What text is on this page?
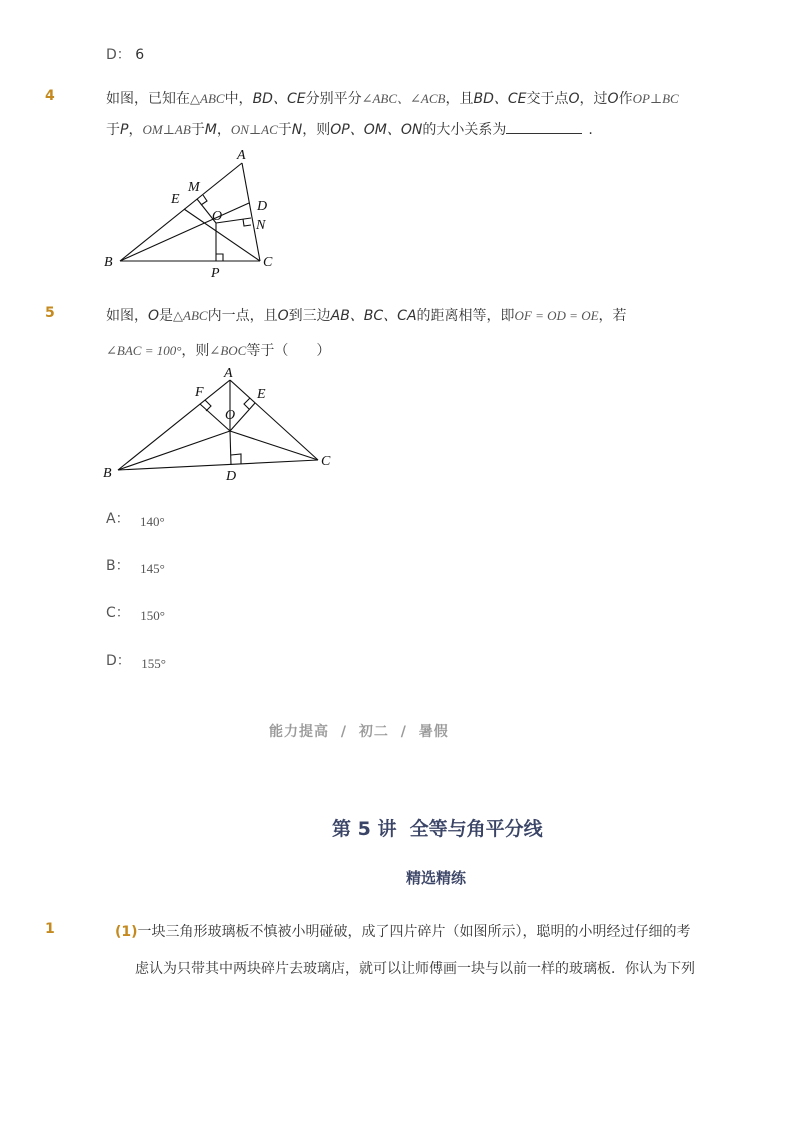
D： 6
4	如图，已知在△ABC中，BD、CE分别平分∠ABC、∠ACB，且BD、CE交于点O，过O作OP⊥BC
于P，OM⊥AB于M，ON⊥AC于N，则OP、OM、ON的大小关系为	.
A
M
E	D
O
N
B
P
C
5	如图，O是△ABC内一点，且O到三边AB、BC、CA的距离相等，即OF = OD = OE，若
∠BAC = 100°，则∠BOC等于（　　）
A
F	E
O
B	D
C
A： 140°
B： 145°
C： 150°
D： 155°
能力提高 / 初二 / 暑假
第 5 讲  全等与角平分线
精选精练
1	(1)一块三角形玻璃板不慎被小明碰破，成了四片碎片（如图所示），聪明的小明经过仔细的考
虑认为只带其中两块碎片去玻璃店，就可以让师傅画一块与以前一样的玻璃板．你认为下列
